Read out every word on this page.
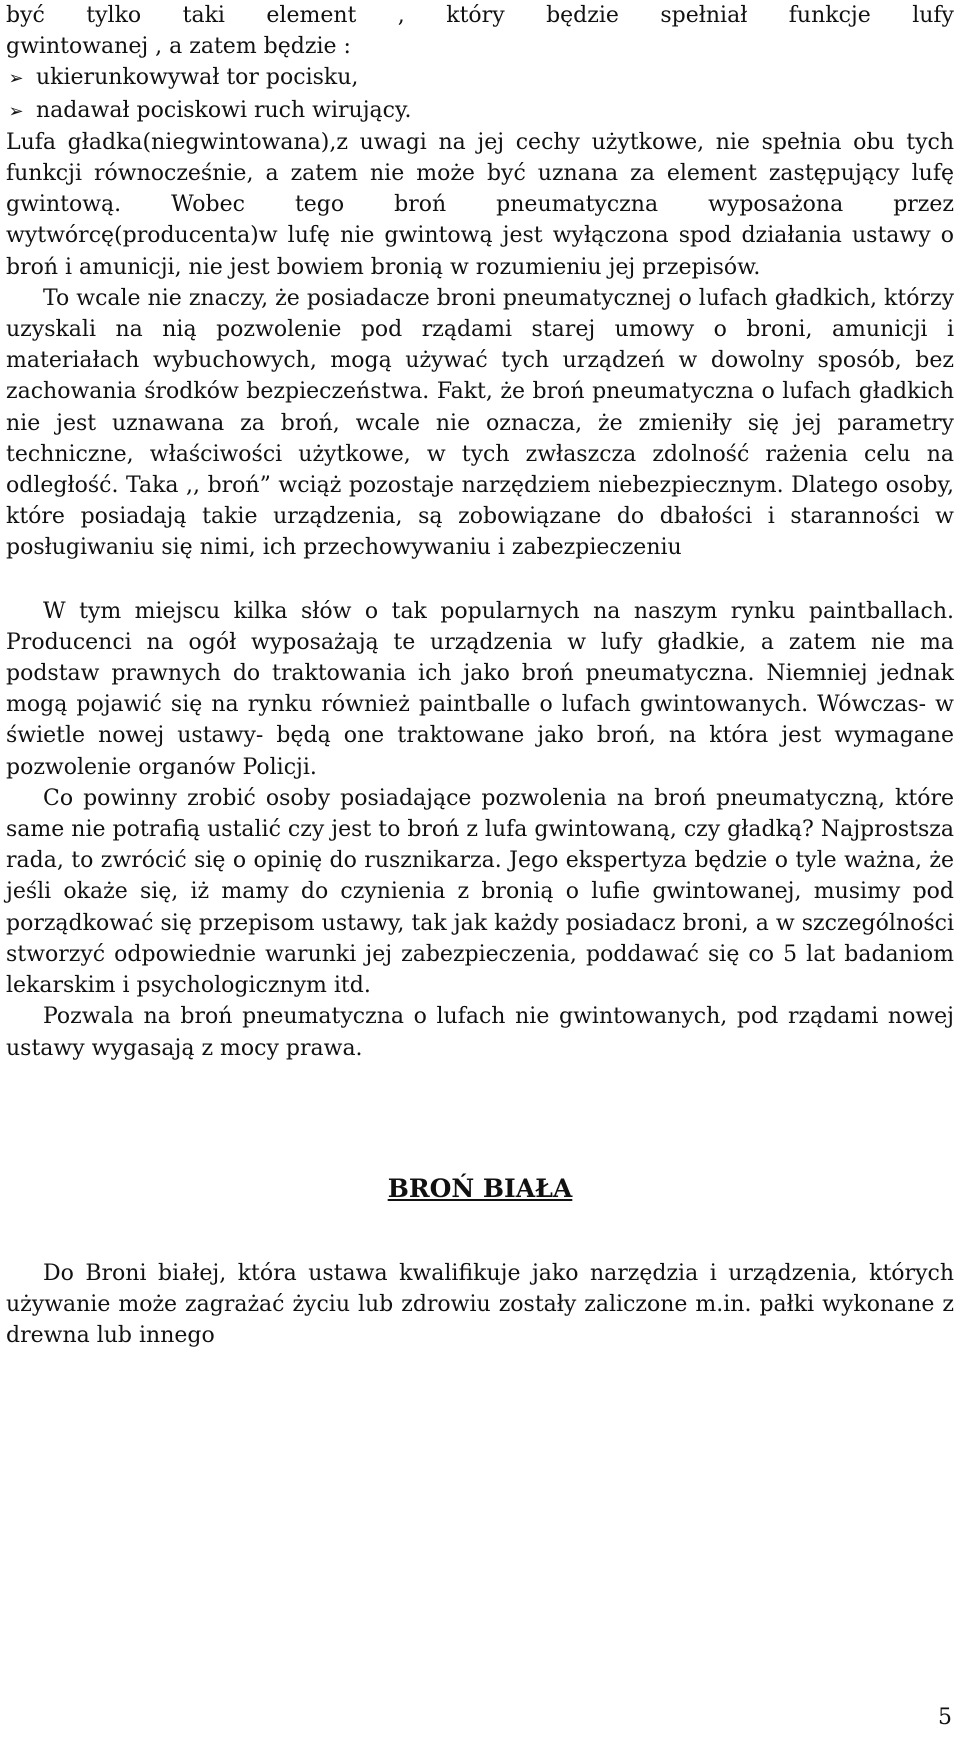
być tylko taki element , który będzie spełniał funkcje lufy

gwintowanej , a zatem będzie :

➢ ukierunkowywał tor pocisku,
➢ nadawał pociskowi ruch wirujący.

Lufa gładka(niegwintowana),z uwagi na jej cechy użytkowe, nie spełnia obu tych funkcji równocześnie, a zatem nie może być uznana za element zastępujący lufę gwintową. Wobec tego broń pneumatyczna wyposażona przez wytwórcę(producenta)w lufę nie gwintową jest wyłączona spod działania ustawy o broń i amunicji, nie jest bowiem bronią w rozumieniu jej przepisów.

To wcale nie znaczy, że posiadacze broni pneumatycznej o lufach gładkich, którzy uzyskali na nią pozwolenie pod rządami starej umowy o broni, amunicji i materiałach wybuchowych, mogą używać tych urządzeń w dowolny sposób, bez zachowania środków bezpieczeństwa. Fakt, że broń pneumatyczna o lufach gładkich nie jest uznawana za broń, wcale nie oznacza, że zmieniły się jej parametry techniczne, właściwości użytkowe, w tych zwłaszcza zdolność rażenia celu na odległość. Taka ,, broń” wciąż pozostaje narzędziem niebezpiecznym. Dlatego osoby, które posiadają takie urządzenia, są zobowiązane do dbałości i staranności w posługiwaniu się nimi, ich przechowywaniu i zabezpieczeniu

W tym miejscu kilka słów o tak popularnych na naszym rynku paintballach. Producenci na ogół wyposażają te urządzenia w lufy gładkie, a zatem nie ma podstaw prawnych do traktowania ich jako broń pneumatyczna. Niemniej jednak mogą pojawić się na rynku również paintballe o lufach gwintowanych. Wówczas- w świetle nowej ustawy- będą one traktowane jako broń, na która jest wymagane pozwolenie organów Policji.

Co powinny zrobić osoby posiadające pozwolenia na broń pneumatyczną, które same nie potrafią ustalić czy jest to broń z lufa gwintowaną, czy gładką? Najprostsza rada, to zwrócić się o opinię do rusznikarza. Jego ekspertyza będzie o tyle ważna, że jeśli okaże się, iż mamy do czynienia z bronią o lufie gwintowanej, musimy pod porządkować się przepisom ustawy, tak jak każdy posiadacz broni, a w szczególności stworzyć odpowiednie warunki jej zabezpieczenia, poddawać się co 5 lat badaniom lekarskim i psychologicznym itd.

Pozwala na broń pneumatyczna o lufach nie gwintowanych, pod rządami nowej ustawy wygasają z mocy prawa.

BROŃ BIAŁA

Do Broni białej, która ustawa kwalifikuje jako narzędzia i urządzenia, których używanie może zagrażać życiu lub zdrowiu zostały zaliczone m.in. pałki wykonane z drewna lub innego

5
